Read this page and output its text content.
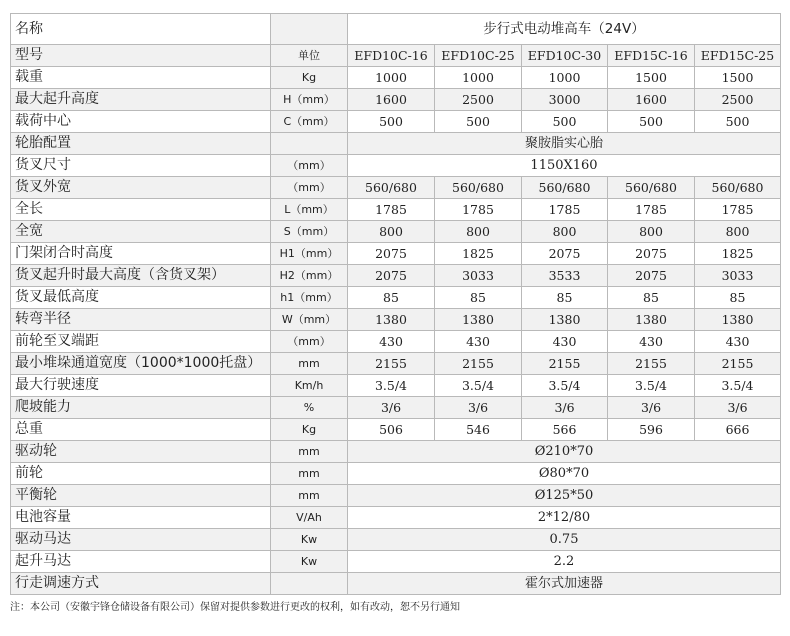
名称		步行式电动堆高车（24V）				
型号	单位	EFD10C-16	EFD10C-25	EFD10C-30	EFD15C-16	EFD15C-25
载重	Kg	1000	1000	1000	1500	1500
最大起升高度	H（mm）	1600	2500	3000	1600	2500
载荷中心	C（mm）	500	500	500	500	500
轮胎配置		聚胺脂实心胎				
货叉尺寸	（mm）	1150X160				
货叉外宽	（mm）	560/680	560/680	560/680	560/680	560/680
全长	L（mm）	1785	1785	1785	1785	1785
全宽	S（mm）	800	800	800	800	800
门架闭合时高度	H1（mm）	2075	1825	2075	2075	1825
货叉起升时最大高度（含货叉架）	H2（mm）	2075	3033	3533	2075	3033
货叉最低高度	h1（mm）	85	85	85	85	85
转弯半径	W（mm）	1380	1380	1380	1380	1380
前轮至叉端距	（mm）	430	430	430	430	430
最小堆垛通道宽度（1000*1000托盘）	mm	2155	2155	2155	2155	2155
最大行驶速度	Km/h	3.5/4	3.5/4	3.5/4	3.5/4	3.5/4
爬坡能力	%	3/6	3/6	3/6	3/6	3/6
总重	Kg	506	546	566	596	666
驱动轮	mm	Ø210*70				
前轮	mm	Ø80*70				
平衡轮	mm	Ø125*50				
电池容量	V/Ah	2*12/80				
驱动马达	Kw	0.75				
起升马达	Kw	2.2				
行走调速方式		霍尔式加速器				
注：本公司（安徽宇锋仓储设备有限公司）保留对提供参数进行更改的权利，如有改动，恕不另行通知
